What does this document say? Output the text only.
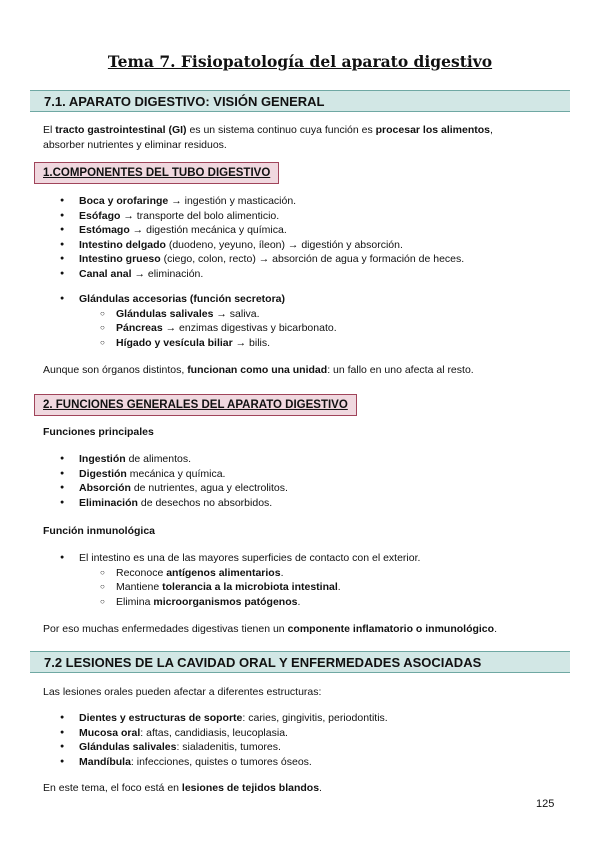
Tema 7. Fisiopatología del aparato digestivo
7.1. APARATO DIGESTIVO: VISIÓN GENERAL
El tracto gastrointestinal (GI) es un sistema continuo cuya función es procesar los alimentos,
absorber nutrientes y eliminar residuos.
1.COMPONENTES DEL TUBO DIGESTIVO
● Boca y orofaringe → ingestión y masticación.
● Esófago → transporte del bolo alimenticio.
● Estómago → digestión mecánica y química.
● Intestino delgado (duodeno, yeyuno, íleon) → digestión y absorción.
● Intestino grueso (ciego, colon, recto) → absorción de agua y formación de heces.
● Canal anal → eliminación.
● Glándulas accesorias (función secretora)
○ Glándulas salivales → saliva.
○ Páncreas → enzimas digestivas y bicarbonato.
○ Hígado y vesícula biliar → bilis.
Aunque son órganos distintos, funcionan como una unidad: un fallo en uno afecta al resto.
2. FUNCIONES GENERALES DEL APARATO DIGESTIVO
Funciones principales
● Ingestión de alimentos.
● Digestión mecánica y química.
● Absorción de nutrientes, agua y electrolitos.
● Eliminación de desechos no absorbidos.
Función inmunológica
● El intestino es una de las mayores superficies de contacto con el exterior.
○ Reconoce antígenos alimentarios.
○ Mantiene tolerancia a la microbiota intestinal.
○ Elimina microorganismos patógenos.
Por eso muchas enfermedades digestivas tienen un componente inflamatorio o inmunológico.
7.2 LESIONES DE LA CAVIDAD ORAL Y ENFERMEDADES ASOCIADAS
Las lesiones orales pueden afectar a diferentes estructuras:
● Dientes y estructuras de soporte: caries, gingivitis, periodontitis.
● Mucosa oral: aftas, candidiasis, leucoplasia.
● Glándulas salivales: sialadenitis, tumores.
● Mandíbula: infecciones, quistes o tumores óseos.
En este tema, el foco está en lesiones de tejidos blandos.
125
